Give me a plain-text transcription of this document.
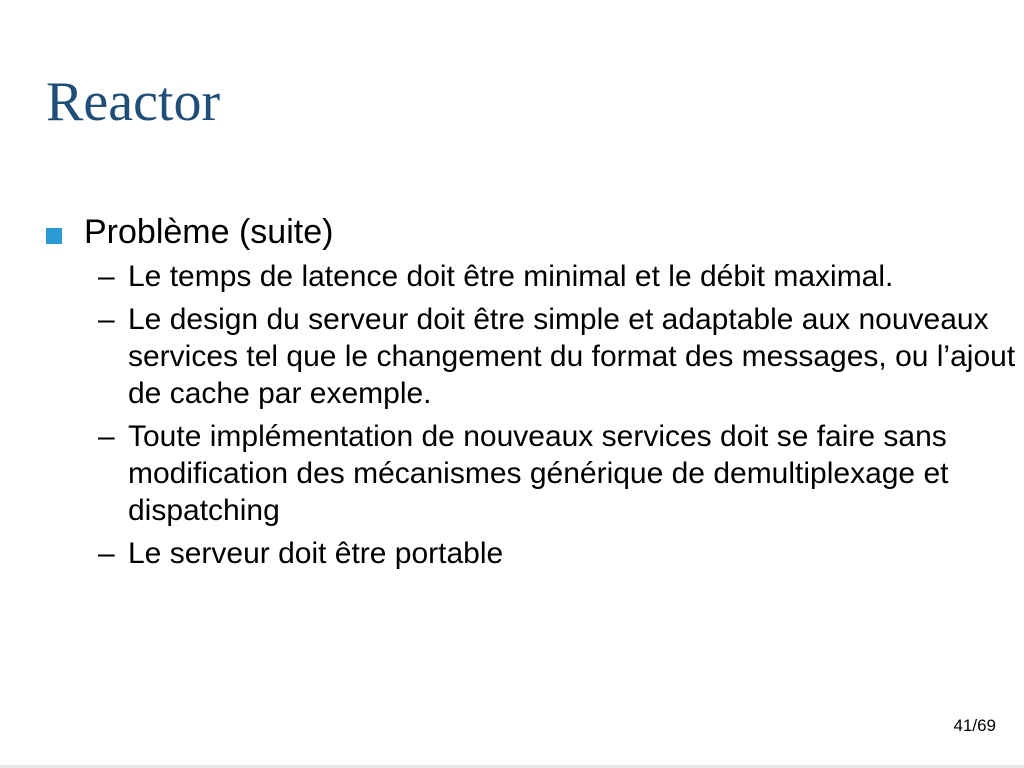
Reactor
Problème (suite)
– Le temps de latence doit être minimal et le débit maximal.
– Le design du serveur doit être simple et adaptable aux nouveaux services tel que le changement du format des messages, ou l’ajout de cache par exemple.
– Toute implémentation de nouveaux services doit se faire sans modification des mécanismes générique de demultiplexage et dispatching
– Le serveur doit être portable
41/69
